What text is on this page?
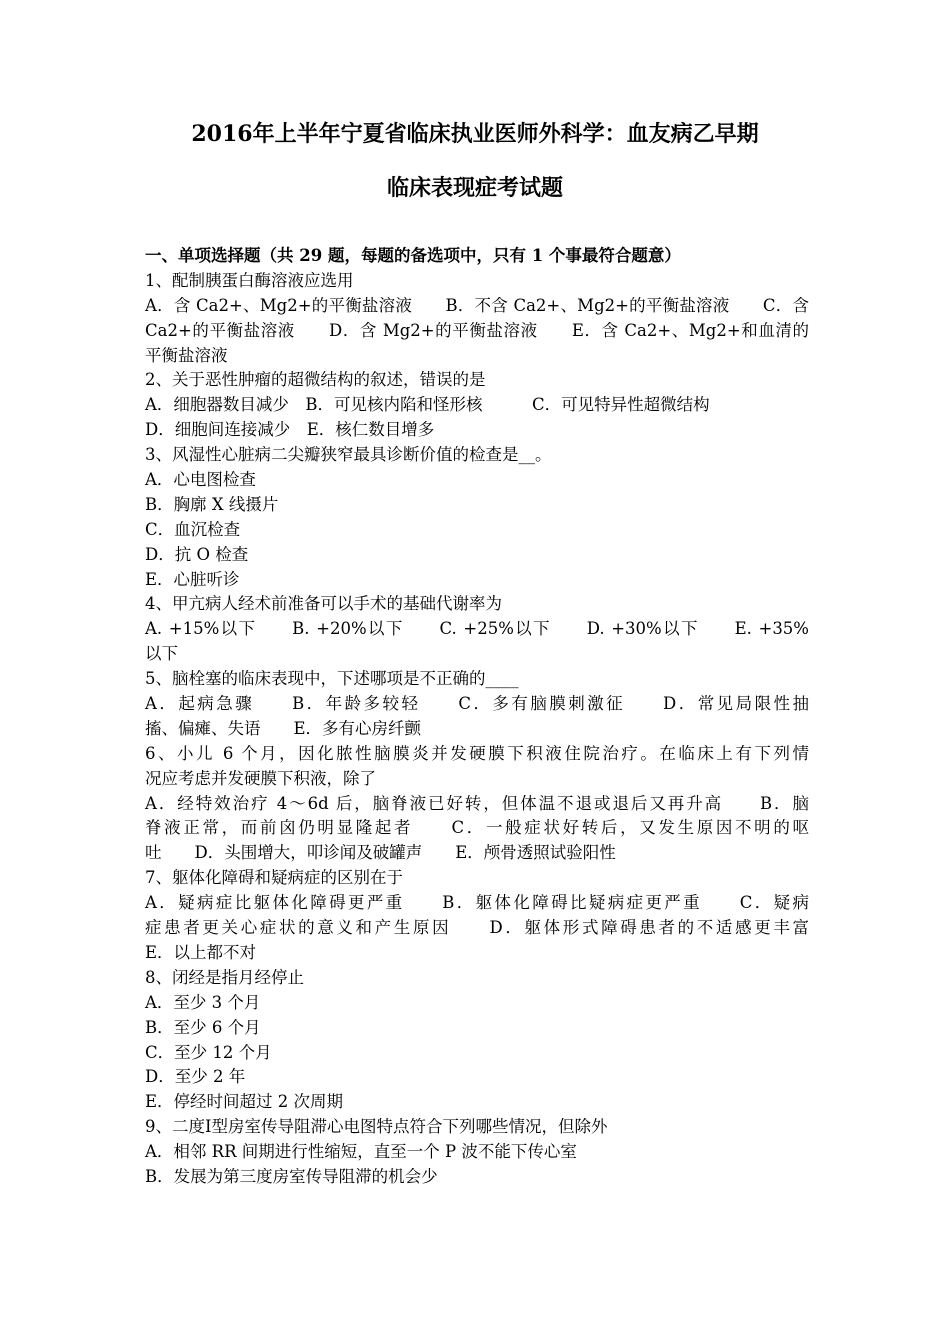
2016年上半年宁夏省临床执业医师外科学：血友病乙早期
临床表现症考试题
一、单项选择题（共 29 题，每题的备选项中，只有 1 个事最符合题意）
1、配制胰蛋白酶溶液应选用
A．含 Ca2+、Mg2+的平衡盐溶液　　B．不含 Ca2+、Mg2+的平衡盐溶液　　C．含
Ca2+的平衡盐溶液　　D．含 Mg2+的平衡盐溶液　　E．含 Ca2+、Mg2+和血清的
平衡盐溶液
2、关于恶性肿瘤的超微结构的叙述，错误的是
A．细胞器数目减少　B．可见核内陷和怪形核　　　C．可见特异性超微结构
D．细胞间连接减少　E．核仁数目增多
3、风湿性心脏病二尖瓣狭窄最具诊断价值的检查是__。
A．心电图检查
B．胸廓 X 线摄片
C．血沉检查
D．抗 O 检查
E．心脏听诊
4、甲亢病人经术前准备可以手术的基础代谢率为
A. +15%以下　　B. +20%以下　　C. +25%以下　　D. +30%以下　　E. +35%
以下
5、脑栓塞的临床表现中，下述哪项是不正确的____
A．起病急骤　　B．年龄多较轻　　C．多有脑膜刺激征　　D．常见局限性抽
搐、偏瘫、失语　　E．多有心房纤颤
6、小儿 6 个月，因化脓性脑膜炎并发硬膜下积液住院治疗。在临床上有下列情
况应考虑并发硬膜下积液，除了
A．经特效治疗 4～6d 后，脑脊液已好转，但体温不退或退后又再升高　　B．脑
脊液正常，而前囟仍明显隆起者　　C．一般症状好转后，又发生原因不明的呕
吐　　D．头围增大，叩诊闻及破罐声　　E．颅骨透照试验阳性
7、躯体化障碍和疑病症的区别在于
A．疑病症比躯体化障碍更严重　　B．躯体化障碍比疑病症更严重　　C．疑病
症患者更关心症状的意义和产生原因　　D．躯体形式障碍患者的不适感更丰富
E．以上都不对
8、闭经是指月经停止
A．至少 3 个月
B．至少 6 个月
C．至少 12 个月
D．至少 2 年
E．停经时间超过 2 次周期
9、二度Ⅰ型房室传导阻滞心电图特点符合下列哪些情况，但除外
A．相邻 RR 间期进行性缩短，直至一个 P 波不能下传心室
B．发展为第三度房室传导阻滞的机会少
